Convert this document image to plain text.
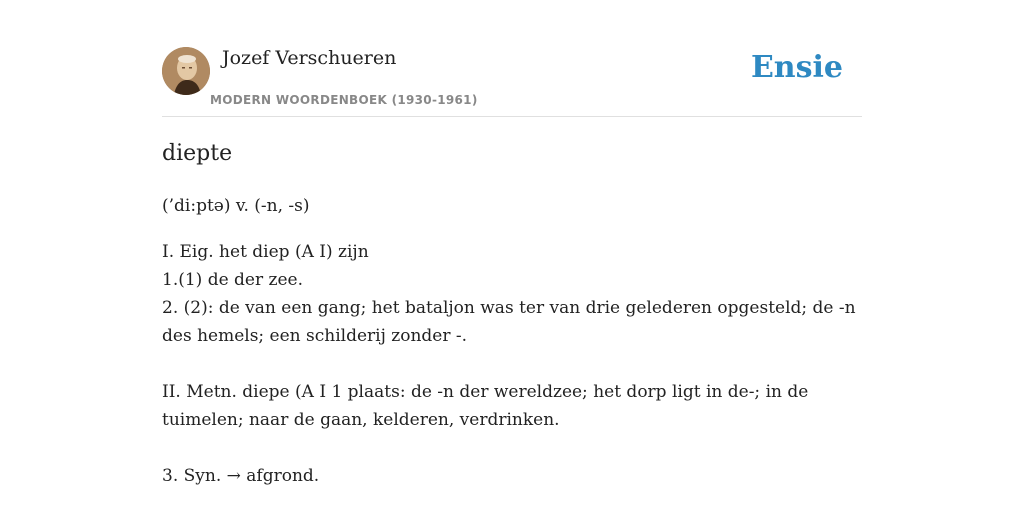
Jozef Verschueren
MODERN WOORDENBOEK (1930-1961)
Ensie
diepte
(’di:ptə) v. (-n, -s)
I. Eig. het diep (A I) zijn
1.(1) de der zee.
2. (2): de van een gang; het bataljon was ter van drie gelederen opgesteld; de -n des hemels; een schilderij zonder -.
II. Metn. diepe (A I 1 plaats: de -n der wereldzee; het dorp ligt in de-; in de tuimelen; naar de gaan, kelderen, verdrinken.
3. Syn. → afgrond.
